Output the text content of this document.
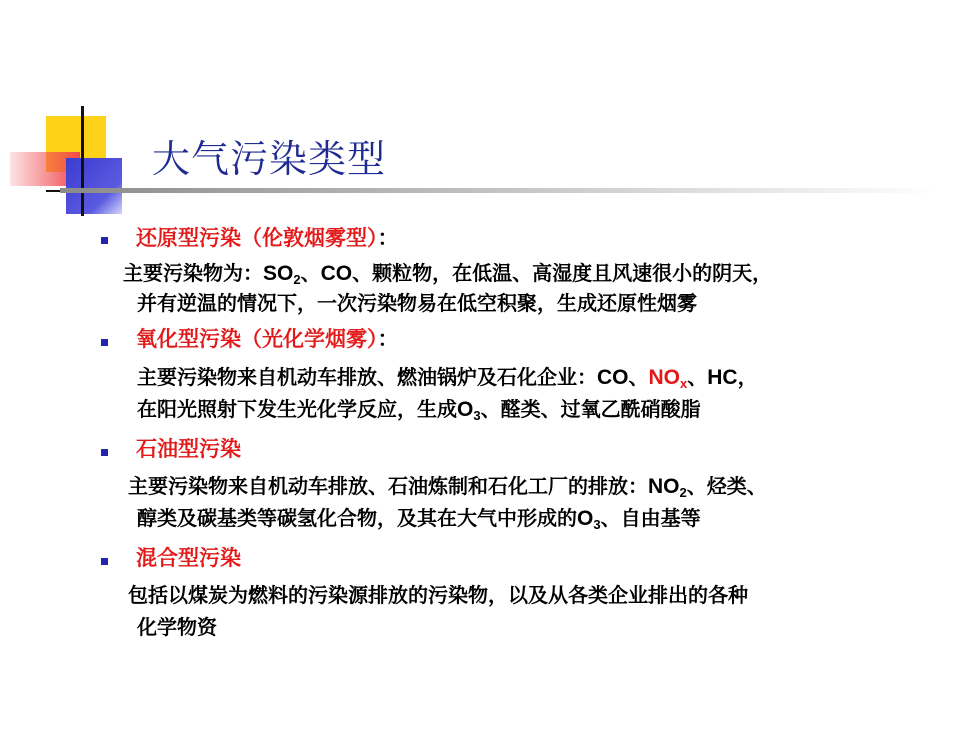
大气污染类型
还原型污染（伦敦烟雾型）：
主要污染物为：$SO_2$、CO、颗粒物，在低温、高湿度且风速很小的阴天，
并有逆温的情况下，一次污染物易在低空积聚，生成还原性烟雾
氧化型污染（光化学烟雾）：
主要污染物来自机动车排放、燃油锅炉及石化企业：CO、$NO_x$、HC，
在阳光照射下发生光化学反应，生成$O_3$、醛类、过氧乙酰硝酸脂
石油型污染
主要污染物来自机动车排放、石油炼制和石化工厂的排放：$NO_2$、烃类、
醇类及碳基类等碳氢化合物，及其在大气中形成的$O_3$、自由基等
混合型污染
包括以煤炭为燃料的污染源排放的污染物，以及从各类企业排出的各种
化学物资
